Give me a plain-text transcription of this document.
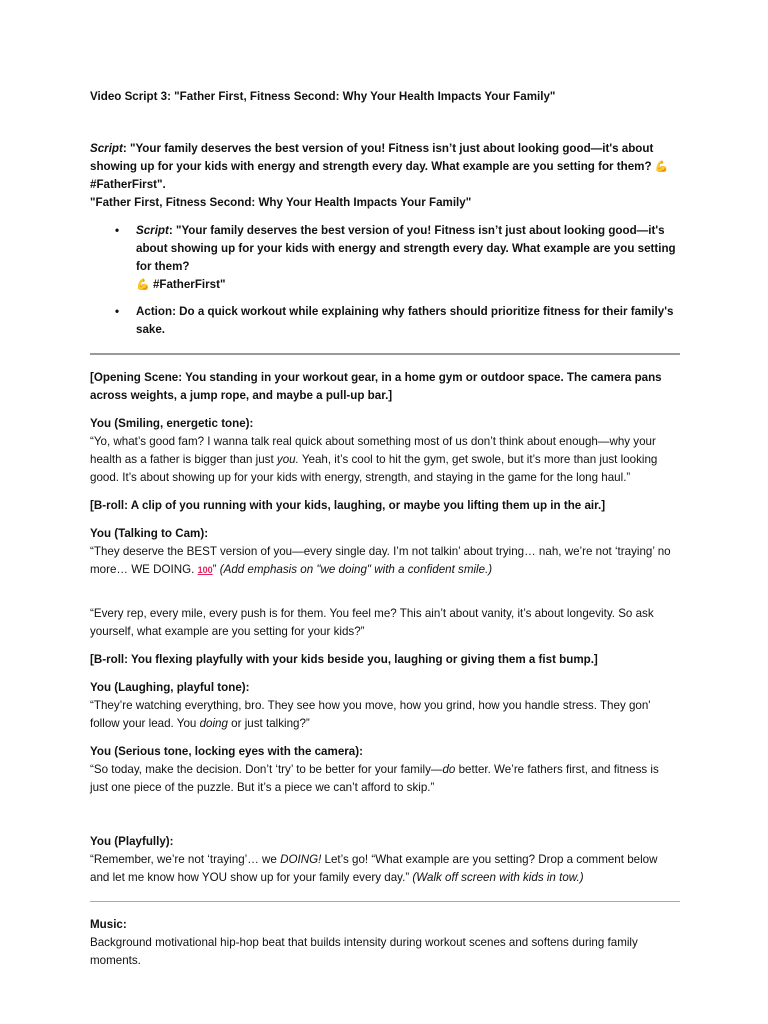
Video Script 3: "Father First, Fitness Second: Why Your Health Impacts Your Family"

Script: "Your family deserves the best version of you! Fitness isn’t just about looking good—it's about showing up for your kids with energy and strength every day. What example are you setting for them? 💪 #FatherFirst".
"Father First, Fitness Second: Why Your Health Impacts Your Family"

• Script: "Your family deserves the best version of you! Fitness isn’t just about looking good—it's about showing up for your kids with energy and strength every day. What example are you setting for them?
💪 #FatherFirst"
• Action: Do a quick workout while explaining why fathers should prioritize fitness for their family's sake.

[Opening Scene: You standing in your workout gear, in a home gym or outdoor space. The camera pans across weights, a jump rope, and maybe a pull-up bar.]

You (Smiling, energetic tone):

“Yo, what’s good fam? I wanna talk real quick about something most of us don’t think about enough—why your health as a father is bigger than just you. Yeah, it’s cool to hit the gym, get swole, but it’s more than just looking good. It’s about showing up for your kids with energy, strength, and staying in the game for the long haul.”

[B-roll: A clip of you running with your kids, laughing, or maybe you lifting them up in the air.]

You (Talking to Cam):

“They deserve the BEST version of you—every single day. I’m not talkin’ about trying… nah, we’re not ‘traying’ no more… WE DOING. 100” (Add emphasis on "we doing" with a confident smile.)

“Every rep, every mile, every push is for them. You feel me? This ain’t about vanity, it’s about longevity. So ask yourself, what example are you setting for your kids?”

[B-roll: You flexing playfully with your kids beside you, laughing or giving them a fist bump.]

You (Laughing, playful tone):

“They’re watching everything, bro. They see how you move, how you grind, how you handle stress. They gon' follow your lead. You doing or just talking?”

You (Serious tone, locking eyes with the camera):

“So today, make the decision. Don’t ‘try’ to be better for your family—do better. We’re fathers first, and fitness is just one piece of the puzzle. But it’s a piece we can’t afford to skip.”

You (Playfully):

“Remember, we’re not ‘traying’… we DOING! Let’s go! “What example are you setting? Drop a comment below and let me know how YOU show up for your family every day.” (Walk off screen with kids in tow.)

Music:

Background motivational hip-hop beat that builds intensity during workout scenes and softens during family moments.
